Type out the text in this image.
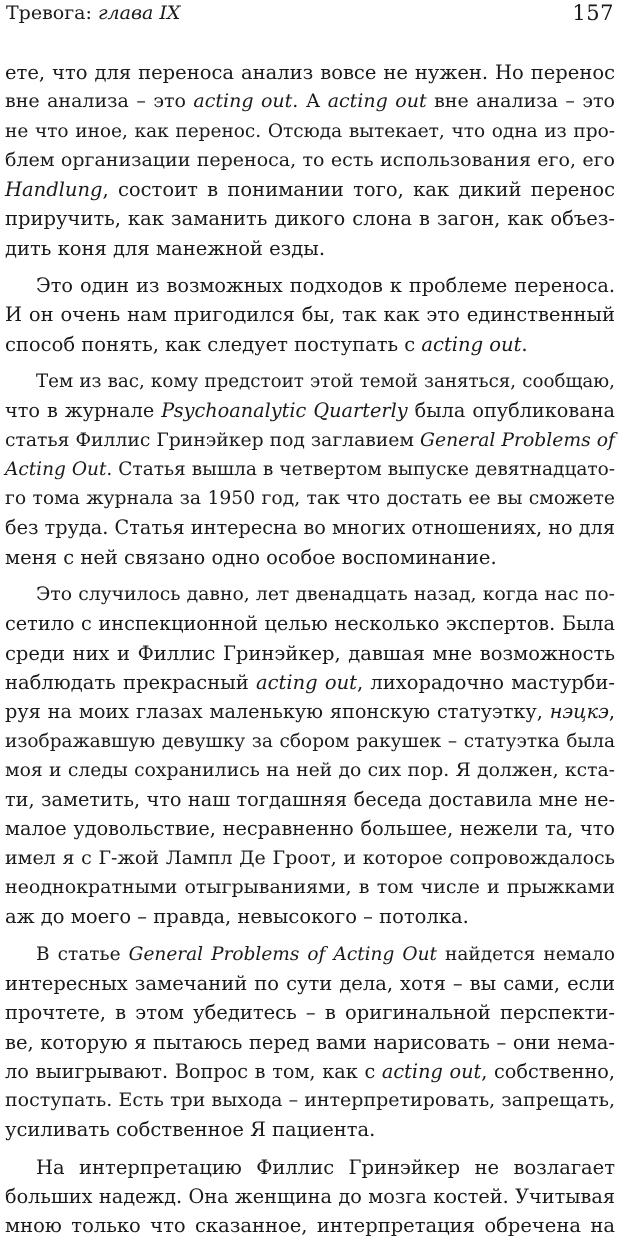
Тревога: глава IX	157
ете, что для переноса анализ вовсе не нужен. Но перенос
вне анализа – это acting out. А acting out вне анализа – это
не что иное, как перенос. Отсюда вытекает, что одна из про-
блем организации переноса, то есть использования его, его
Handlung, состоит в понимании того, как дикий перенос
приручить, как заманить дикого слона в загон, как объез-
дить коня для манежной езды.
Это один из возможных подходов к проблеме переноса.
И он очень нам пригодился бы, так как это единственный
способ понять, как следует поступать с acting out.
Тем из вас, кому предстоит этой темой заняться, сообщаю,
что в журнале Psychoanalytic Quarterly была опубликована
статья Филлис Гринэйкер под заглавием General Problems of
Acting Out. Статья вышла в четвертом выпуске девятнадцато-
го тома журнала за 1950 год, так что достать ее вы сможете
без труда. Статья интересна во многих отношениях, но для
меня с ней связано одно особое воспоминание.
Это случилось давно, лет двенадцать назад, когда нас по-
сетило с инспекционной целью несколько экспертов. Была
среди них и Филлис Гринэйкер, давшая мне возможность
наблюдать прекрасный acting out, лихорадочно мастурби-
руя на моих глазах маленькую японскую статуэтку, нэцкэ,
изображавшую девушку за сбором ракушек – статуэтка была
моя и следы сохранились на ней до сих пор. Я должен, кста-
ти, заметить, что наш тогдашняя беседа доставила мне не-
малое удовольствие, несравненно большее, нежели та, что
имел я с Г-жой Лампл Де Гроот, и которое сопровождалось
неоднократными отыгрываниями, в том числе и прыжками
аж до моего – правда, невысокого – потолка.
В статье General Problems of Acting Out найдется немало
интересных замечаний по сути дела, хотя – вы сами, если
прочтете, в этом убедитесь – в оригинальной перспекти-
ве, которую я пытаюсь перед вами нарисовать – они нема-
ло выигрывают. Вопрос в том, как с acting out, собственно,
поступать. Есть три выхода – интерпретировать, запрещать,
усиливать собственное Я пациента.
На интерпретацию Филлис Гринэйкер не возлагает
больших надежд. Она женщина до мозга костей. Учитывая
мною только что сказанное, интерпретация обречена на
